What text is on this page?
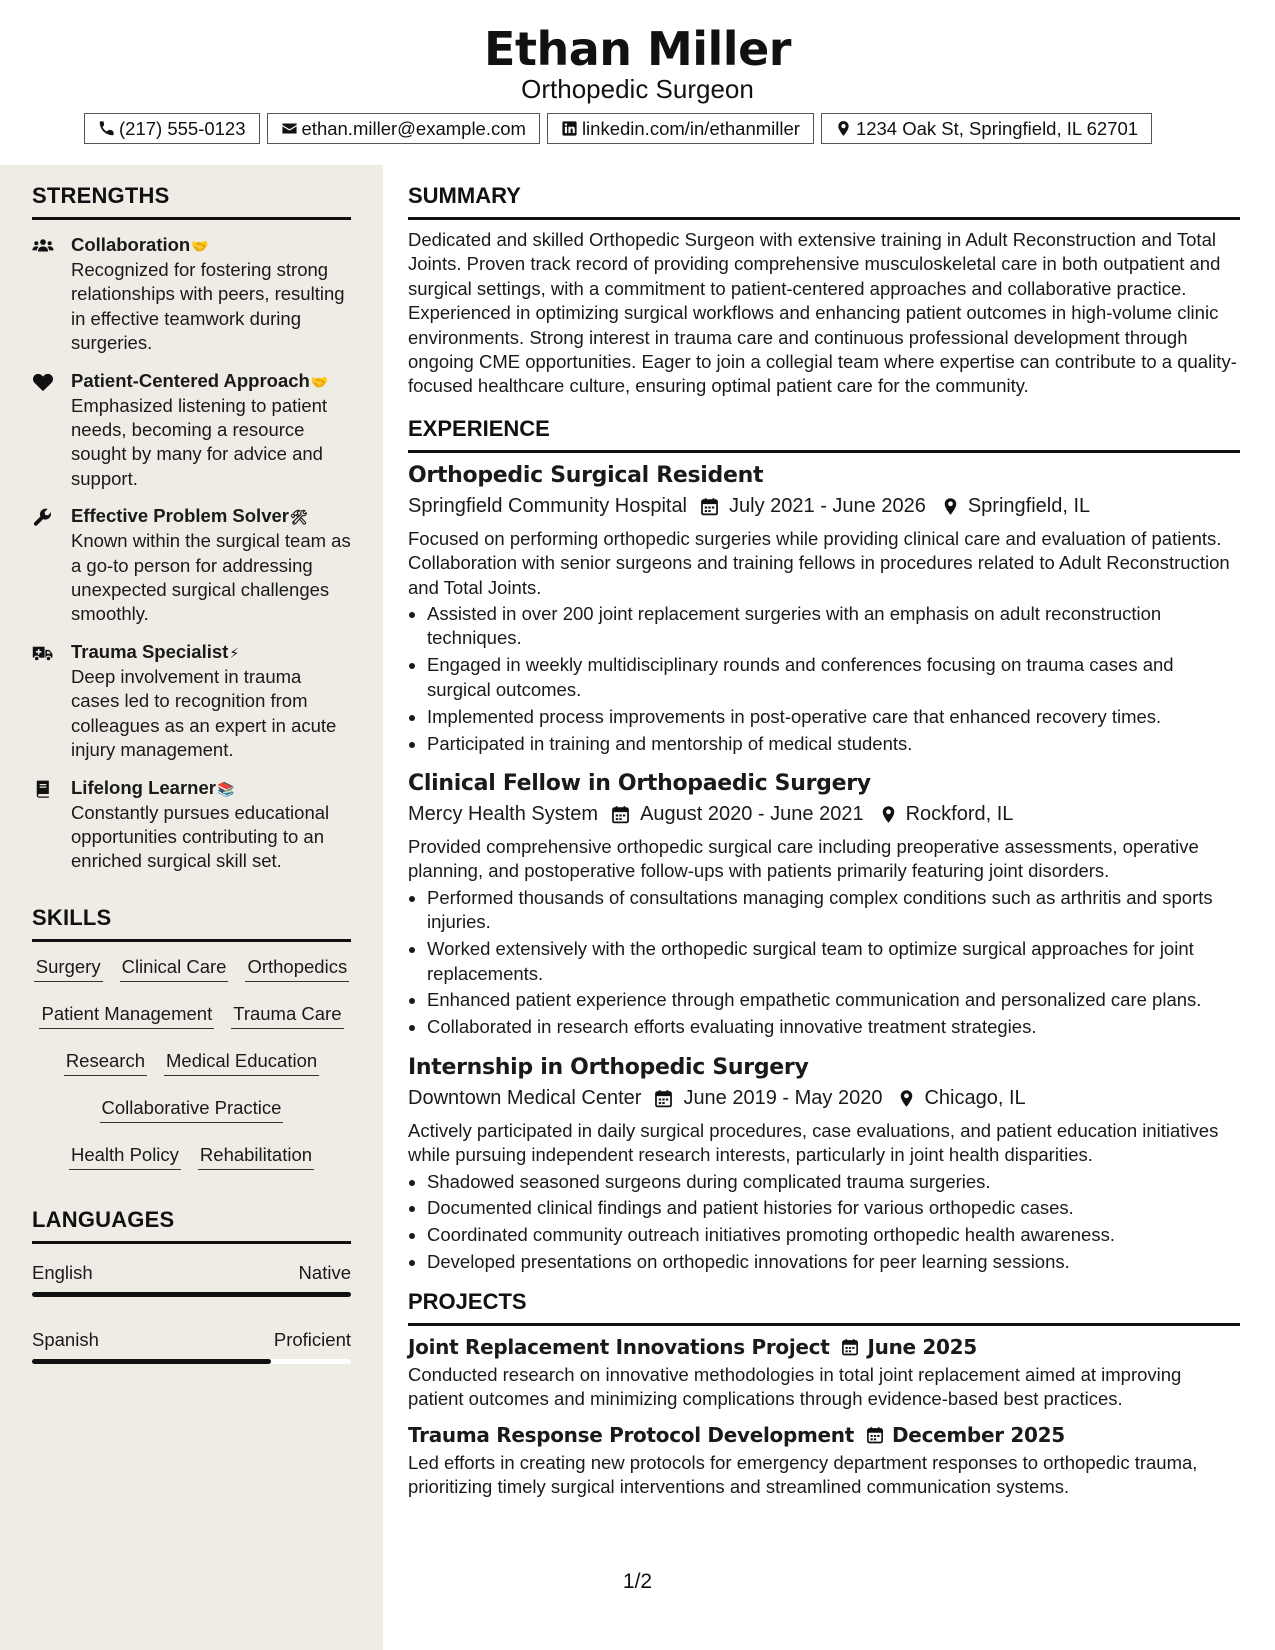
Ethan Miller
Orthopedic Surgeon
(217) 555-0123	ethan.miller@example.com	linkedin.com/in/ethanmiller	1234 Oak St, Springfield, IL 62701
STRENGTHS
Collaboration🤝
Recognized for fostering strong relationships with peers, resulting in effective teamwork during surgeries.
Patient-Centered Approach🤝
Emphasized listening to patient needs, becoming a resource sought by many for advice and support.
Effective Problem Solver🛠
Known within the surgical team as a go-to person for addressing unexpected surgical challenges smoothly.
Trauma Specialist⚡
Deep involvement in trauma cases led to recognition from colleagues as an expert in acute injury management.
Lifelong Learner📚
Constantly pursues educational opportunities contributing to an enriched surgical skill set.
SKILLS
Surgery Clinical Care Orthopedics
Patient Management Trauma Care
Research Medical Education
Collaborative Practice
Health Policy Rehabilitation
LANGUAGES
English	Native
Spanish	Proficient
SUMMARY
Dedicated and skilled Orthopedic Surgeon with extensive training in Adult Reconstruction and Total Joints. Proven track record of providing comprehensive musculoskeletal care in both outpatient and surgical settings, with a commitment to patient-centered approaches and collaborative practice. Experienced in optimizing surgical workflows and enhancing patient outcomes in high-volume clinic environments. Strong interest in trauma care and continuous professional development through ongoing CME opportunities. Eager to join a collegial team where expertise can contribute to a quality-focused healthcare culture, ensuring optimal patient care for the community.
EXPERIENCE
Orthopedic Surgical Resident
Springfield Community Hospital July 2021 - June 2026 Springfield, IL
Focused on performing orthopedic surgeries while providing clinical care and evaluation of patients. Collaboration with senior surgeons and training fellows in procedures related to Adult Reconstruction and Total Joints.
• Assisted in over 200 joint replacement surgeries with an emphasis on adult reconstruction techniques.
• Engaged in weekly multidisciplinary rounds and conferences focusing on trauma cases and surgical outcomes.
• Implemented process improvements in post-operative care that enhanced recovery times.
• Participated in training and mentorship of medical students.
Clinical Fellow in Orthopaedic Surgery
Mercy Health System August 2020 - June 2021 Rockford, IL
Provided comprehensive orthopedic surgical care including preoperative assessments, operative planning, and postoperative follow-ups with patients primarily featuring joint disorders.
• Performed thousands of consultations managing complex conditions such as arthritis and sports injuries.
• Worked extensively with the orthopedic surgical team to optimize surgical approaches for joint replacements.
• Enhanced patient experience through empathetic communication and personalized care plans.
• Collaborated in research efforts evaluating innovative treatment strategies.
Internship in Orthopedic Surgery
Downtown Medical Center June 2019 - May 2020 Chicago, IL
Actively participated in daily surgical procedures, case evaluations, and patient education initiatives while pursuing independent research interests, particularly in joint health disparities.
• Shadowed seasoned surgeons during complicated trauma surgeries.
• Documented clinical findings and patient histories for various orthopedic cases.
• Coordinated community outreach initiatives promoting orthopedic health awareness.
• Developed presentations on orthopedic innovations for peer learning sessions.
PROJECTS
Joint Replacement Innovations Project June 2025
Conducted research on innovative methodologies in total joint replacement aimed at improving patient outcomes and minimizing complications through evidence-based best practices.
Trauma Response Protocol Development December 2025
Led efforts in creating new protocols for emergency department responses to orthopedic trauma, prioritizing timely surgical interventions and streamlined communication systems.
1/2
